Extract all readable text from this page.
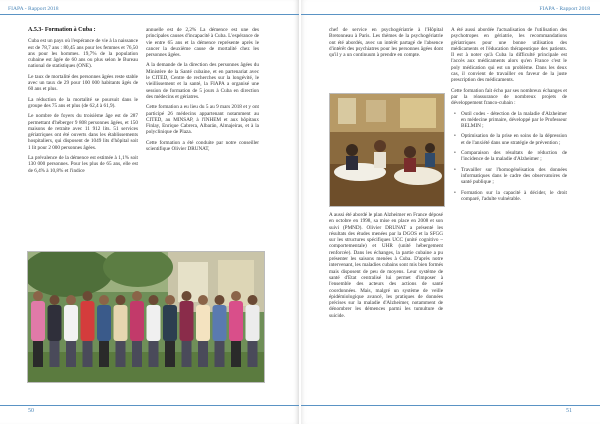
FIAPA - Rapport 2018
A.5.3- Formation à Cuba :

Cuba est un pays où l'espérance de vie à la naissance est de 78,7 ans : 80,45 ans pour les femmes et 76,50 ans pour les hommes. 19,7% de la population cubaine est âgée de 60 ans ou plus selon le Bureau national de statistiques (ONE).

Le taux de mortalité des personnes âgées reste stable avec un taux de 29 pour 100 000 habitants âgés de 60 ans et plus.

La réduction de la mortalité se poursuit dans le groupe des 75 ans et plus (de 62,4 à 61,9).

Le nombre de foyers du troisième âge est de 287 permettant d'héberger 9 808 personnes âgées, et 150 maisons de retraite avec 11 912 lits. 51 services gériatriques ont été ouverts dans les établissements hospitaliers, qui disposent de 1049 lits d'hôpital soit 1 lit pour 2 000 personnes âgées.

La prévalence de la démence est estimée à 1,1% soit 130 000 personnes. Pour les plus de 65 ans, elle est de 6,4% à 10,8% et l'indice

annuelle est de 2,2% La démence est une des principales causes d'incapacité à Cuba. L'espérance de vie entre 65 ans et la démence représente après le cancer la deuxième cause de mortalité chez les personnes âgées.

A la demande de la direction des personnes âgées du Ministère de la Santé cubaine, et en partenariat avec le CITED, Centre de recherches sur la longévité, le vieillissement et la santé, la FIAPA a organisé une session de formation de 5 jours à Cuba en direction des médecins et gériatres.

Cette formation a eu lieu du 5 au 9 mars 2018 et y ont participé 26 médecins appartenant notamment au CITED, au MINSAP, à l'INHEM et aux hôpitaux Finlay, Enrique Cabrera, Albarán, Almajeiras, et à la polyclinique de Plaza.

Cette formation a été conduite par notre conseiller scientifique Olivier DRUNAT,

50
FIAPA - Rapport 2018

chef de service en psychogériatrie à l'Hôpital Bretonneau à Paris. Les thèmes de la psychogériatrie ont été abordés, avec un intérêt partagé de l'absence d'intérêt des psychiatres pour les personnes âgées dont qu'il y a un continuum à prendre en compte.

A aussi été abordé le plan Alzheimer en France déposé en octobre en 1998, sa mise en place en 2008 et son suivi (PMND). Olivier DRUNAT a présenté les résultats des études menées par la DGOS et la SFGG sur les structures spécifiques UCC (unité cognitivo – comportementale) et UHR (unité hébergement renforcée). Dans les échanges, la partie cubaine a pu présenter les saisons menées à Cuba. D'après notre intervenant, les maladies cubains sont mis bien formés mais disposent de peu de moyens. Leur système de santé d'Etat centralisé lui permet d'imposer à l'ensemble des acteurs des actions de santé coordonnées. Mais, malgré un système de veille épidémiologique avancé, les pratiques de données précises sur la maladie d'Alzheimer, notamment de dénombrer les démences parmi les tumulture de suicide.

A été aussi abordée l'actualisation de l'utilisation des psychotropes en gériatrie, les recommandations gériatriques pour une bonne utilisation des médicaments et l'éducation thérapeutique des patients. Il est à noter qu'à Cuba la difficulté principale est l'accès aux médicaments alors qu'en France c'est le poly médication qui est un problème. Dans les deux cas, il convient de travailler en faveur de la juste prescription des médicaments.

Cette formation fait écho par ses nombreux échanges et par la réassurance de nombreux projets de développement franco-cubain :

• Outil codes - détection de la maladie d'Alzheimer en médecine primaire, développé par le Professeur BELMIN ;
• Optimisation de la prise en soins de la dépression et de l'anxiété dans une stratégie de prévention ;
• Comparaison des résultats de réduction de l'incidence de la maladie d'Alzheimer ;
• Travailler sur l'homogénéisation des données informatiques dans le cadre des observatoires de santé publique ;
• Formation sur la capacité à décider, le droit comparé, l'adulte vulnérable.
51
